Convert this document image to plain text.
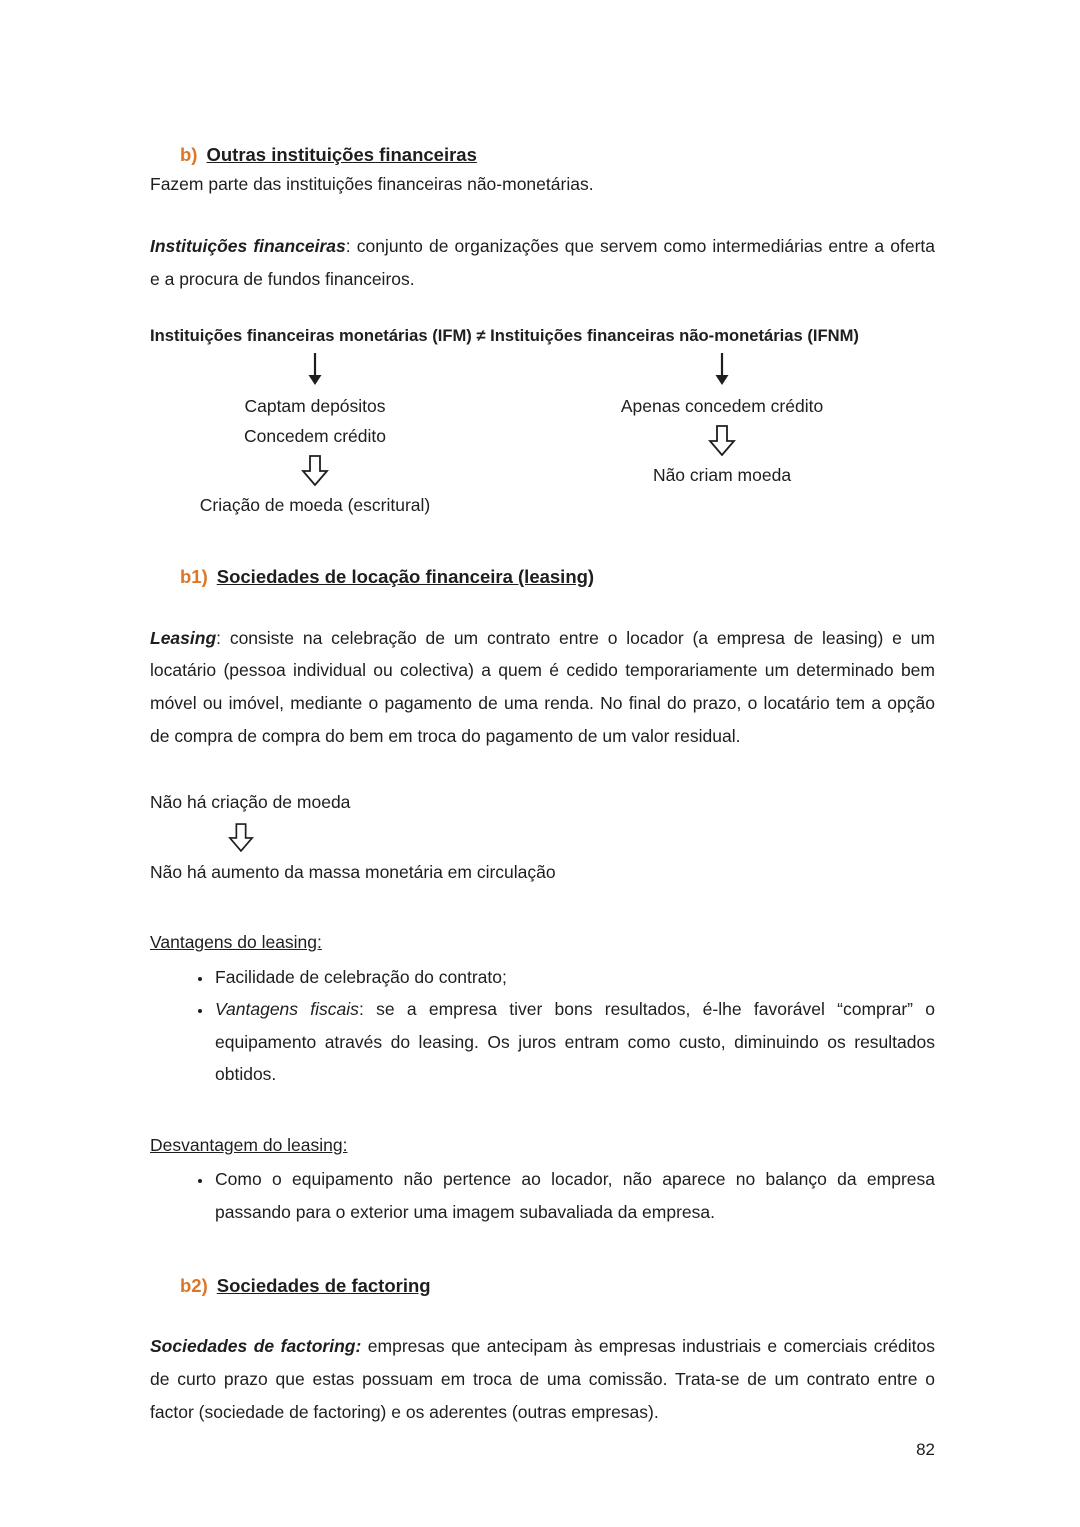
b) Outras instituições financeiras

Fazem parte das instituições financeiras não-monetárias.

Instituições financeiras: conjunto de organizações que servem como intermediárias entre a oferta e a procura de fundos financeiros.

Instituições financeiras monetárias (IFM) ≠ Instituições financeiras não-monetárias (IFNM)
Captam depósitos
Concedem crédito
Criação de moeda (escritural)
Apenas concedem crédito
Não criam moeda
b1) Sociedades de locação financeira (leasing)

Leasing: consiste na celebração de um contrato entre o locador (a empresa de leasing) e um locatário (pessoa individual ou colectiva) a quem é cedido temporariamente um determinado bem móvel ou imóvel, mediante o pagamento de uma renda. No final do prazo, o locatário tem a opção de compra de compra do bem em troca do pagamento de um valor residual.

Não há criação de moeda
Não há aumento da massa monetária em circulação
Vantagens do leasing:
• Facilidade de celebração do contrato;
• Vantagens fiscais: se a empresa tiver bons resultados, é-lhe favorável “comprar” o equipamento através do leasing. Os juros entram como custo, diminuindo os resultados obtidos.
Desvantagem do leasing:
• Como o equipamento não pertence ao locador, não aparece no balanço da empresa passando para o exterior uma imagem subavaliada da empresa.
b2) Sociedades de factoring

Sociedades de factoring: empresas que antecipam às empresas industriais e comerciais créditos de curto prazo que estas possuam em troca de uma comissão. Trata-se de um contrato entre o factor (sociedade de factoring) e os aderentes (outras empresas).

82
